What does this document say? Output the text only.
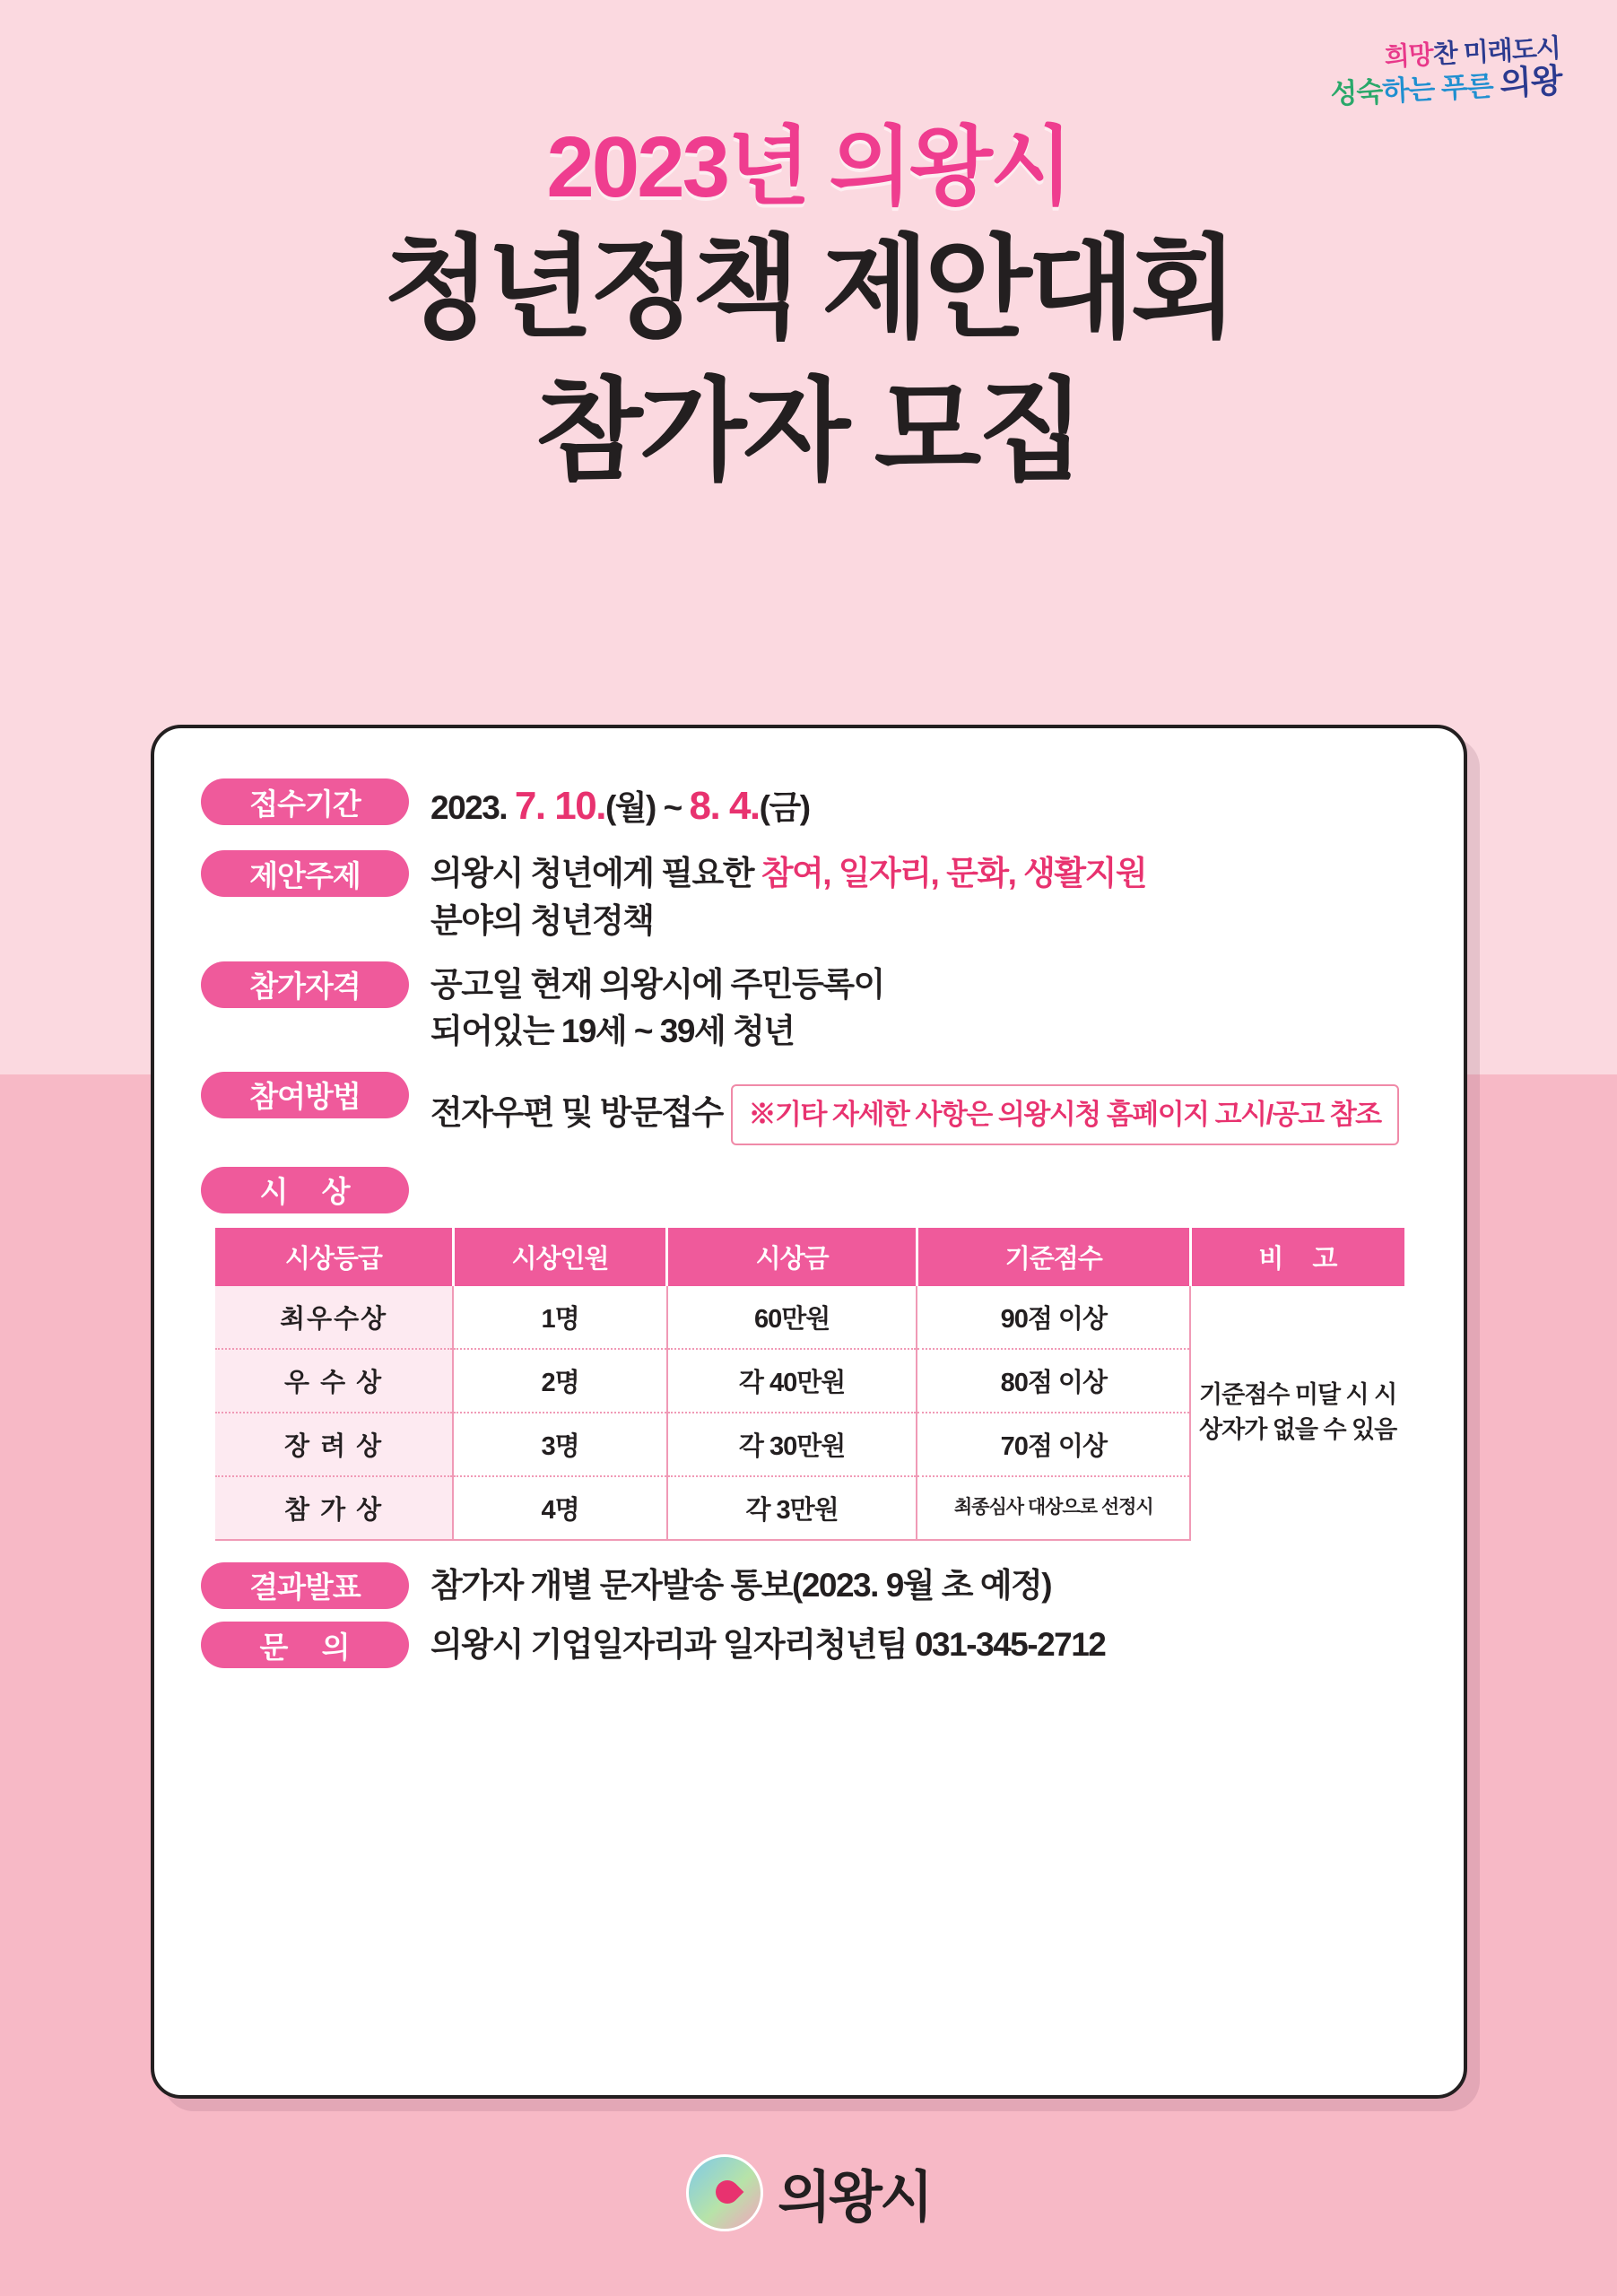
희망찬 미래도시
성숙하는 푸른 의왕
2023년 의왕시
청년정책 제안대회
참가자 모집
접수기간	2023. 7. 10.(월) ~ 8. 4.(금)
제안주제	의왕시 청년에게 필요한 참여, 일자리, 문화, 생활지원
분야의 청년정책
참가자격	공고일 현재 의왕시에 주민등록이
되어있는 19세 ~ 39세 청년
참여방법	전자우편 및 방문접수 ※기타 자세한 사항은 의왕시청 홈페이지 고시/공고 참조
시 상
시상등급	시상인원	시상금	기준점수	비 고
최우수상	1명	60만원	90점 이상	기준점수 미달 시 시상자가 없을 수 있음
우 수 상	2명	각 40만원	80점 이상	
장 려 상	3명	각 30만원	70점 이상	
참 가 상	4명	각 3만원	최종심사 대상으로 선정시	
결과발표	참가자 개별 문자발송 통보(2023. 9월 초 예정)
문 의	의왕시 기업일자리과 일자리청년팀 031-345-2712
의왕시
